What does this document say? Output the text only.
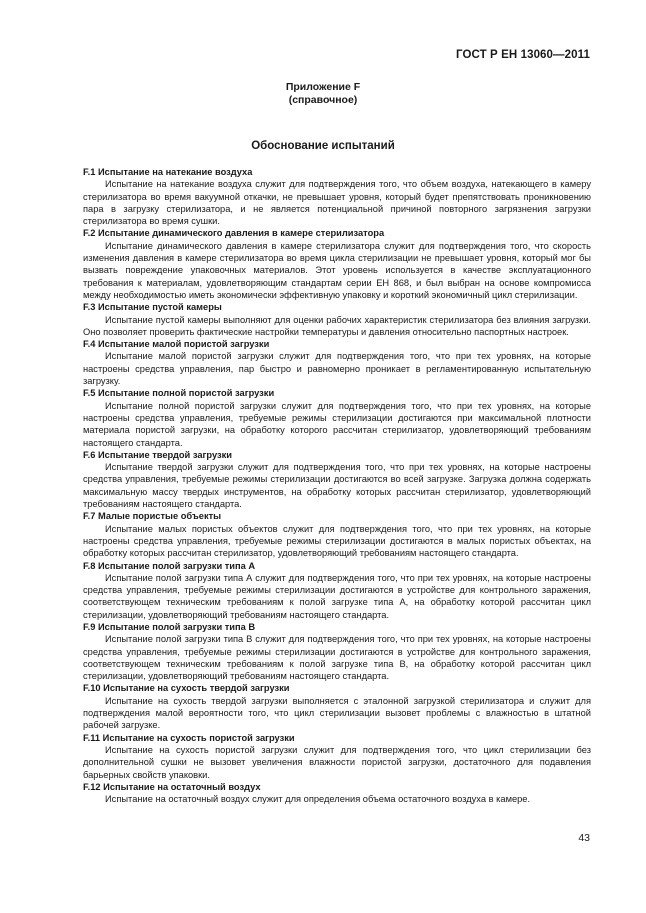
ГОСТ Р ЕН 13060—2011
Приложение F
(справочное)
Обоснование испытаний
F.1 Испытание на натекание воздуха
Испытание на натекание воздуха служит для подтверждения того, что объем воздуха, натекающего в камеру стерилизатора во время вакуумной откачки, не превышает уровня, который будет препятствовать проникновению пара в загрузку стерилизатора, и не является потенциальной причиной повторного загрязнения загрузки стерилизатора во время сушки.
F.2 Испытание динамического давления в камере стерилизатора
Испытание динамического давления в камере стерилизатора служит для подтверждения того, что скорость изменения давления в камере стерилизатора во время цикла стерилизации не превышает уровня, который мог бы вызвать повреждение упаковочных материалов. Этот уровень используется в качестве эксплуатационного требования к материалам, удовлетворяющим стандартам серии ЕН 868, и был выбран на основе компромисса между необходимостью иметь экономически эффективную упаковку и короткий экономичный цикл стерилизации.
F.3 Испытание пустой камеры
Испытание пустой камеры выполняют для оценки рабочих характеристик стерилизатора без влияния загрузки. Оно позволяет проверить фактические настройки температуры и давления относительно паспортных настроек.
F.4 Испытание малой пористой загрузки
Испытание малой пористой загрузки служит для подтверждения того, что при тех уровнях, на которые настроены средства управления, пар быстро и равномерно проникает в регламентированную испытательную загрузку.
F.5 Испытание полной пористой загрузки
Испытание полной пористой загрузки служит для подтверждения того, что при тех уровнях, на которые настроены средства управления, требуемые режимы стерилизации достигаются при максимальной плотности материала пористой загрузки, на обработку которого рассчитан стерилизатор, удовлетворяющий требованиям настоящего стандарта.
F.6 Испытание твердой загрузки
Испытание твердой загрузки служит для подтверждения того, что при тех уровнях, на которые настроены средства управления, требуемые режимы стерилизации достигаются во всей загрузке. Загрузка должна содержать максимальную массу твердых инструментов, на обработку которых рассчитан стерилизатор, удовлетворяющий требованиям настоящего стандарта.
F.7 Малые пористые объекты
Испытание малых пористых объектов служит для подтверждения того, что при тех уровнях, на которые настроены средства управления, требуемые режимы стерилизации достигаются в малых пористых объектах, на обработку которых рассчитан стерилизатор, удовлетворяющий требованиям настоящего стандарта.
F.8 Испытание полой загрузки типа А
Испытание полой загрузки типа А служит для подтверждения того, что при тех уровнях, на которые настроены средства управления, требуемые режимы стерилизации достигаются в устройстве для контрольного заражения, соответствующем техническим требованиям к полой загрузке типа А, на обработку которой рассчитан цикл стерилизации, удовлетворяющий требованиям настоящего стандарта.
F.9 Испытание полой загрузки типа В
Испытание полой загрузки типа В служит для подтверждения того, что при тех уровнях, на которые настроены средства управления, требуемые режимы стерилизации достигаются в устройстве для контрольного заражения, соответствующем техническим требованиям к полой загрузке типа В, на обработку которой рассчитан цикл стерилизации, удовлетворяющий требованиям настоящего стандарта.
F.10 Испытание на сухость твердой загрузки
Испытание на сухость твердой загрузки выполняется с эталонной загрузкой стерилизатора и служит для подтверждения малой вероятности того, что цикл стерилизации вызовет проблемы с влажностью в штатной рабочей загрузке.
F.11 Испытание на сухость пористой загрузки
Испытание на сухость пористой загрузки служит для подтверждения того, что цикл стерилизации без дополнительной сушки не вызовет увеличения влажности пористой загрузки, достаточного для подавления барьерных свойств упаковки.
F.12 Испытание на остаточный воздух
Испытание на остаточный воздух служит для определения объема остаточного воздуха в камере.
43
